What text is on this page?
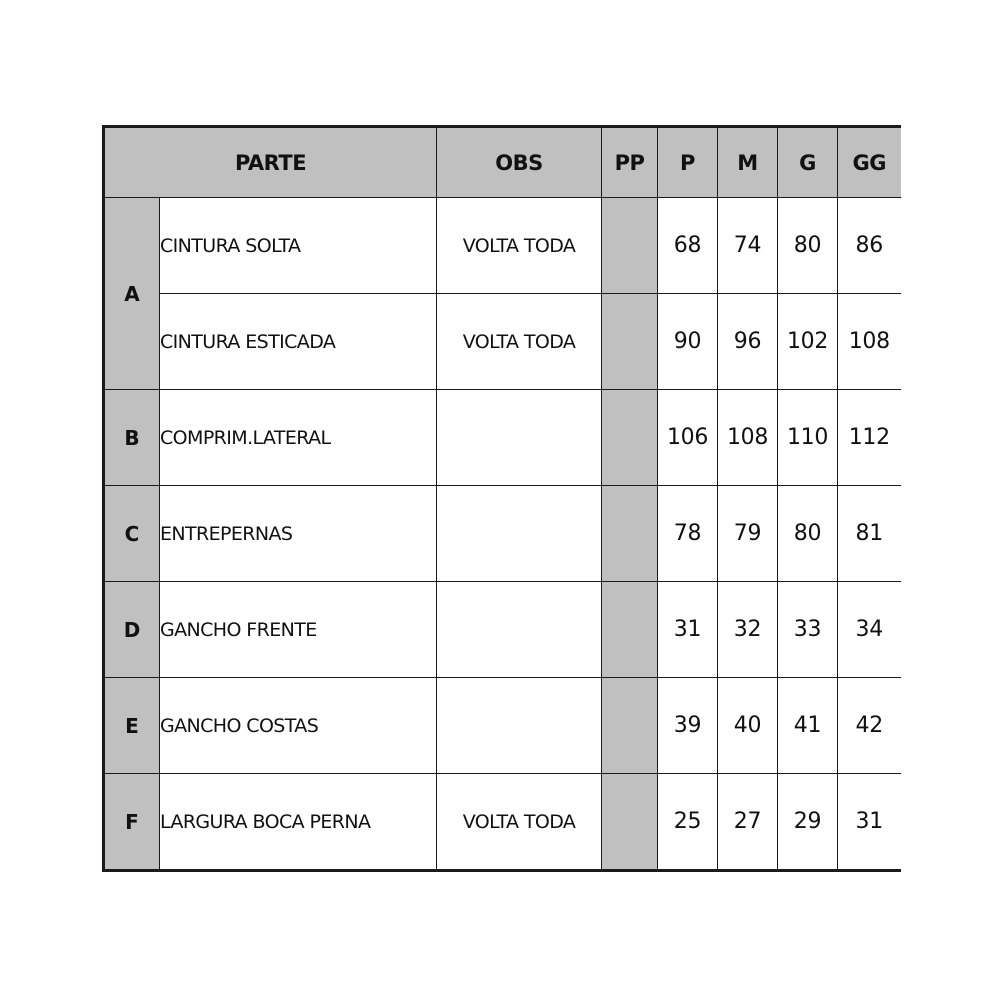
PARTE		OBS	PP	P	M	G	GG
A	CINTURA SOLTA	VOLTA TODA		68	74	80	86
	CINTURA ESTICADA	VOLTA TODA		90	96	102	108
B	COMPRIM.LATERAL			106	108	110	112
C	ENTREPERNAS			78	79	80	81
D	GANCHO FRENTE			31	32	33	34
E	GANCHO COSTAS			39	40	41	42
F	LARGURA BOCA PERNA	VOLTA TODA		25	27	29	31
